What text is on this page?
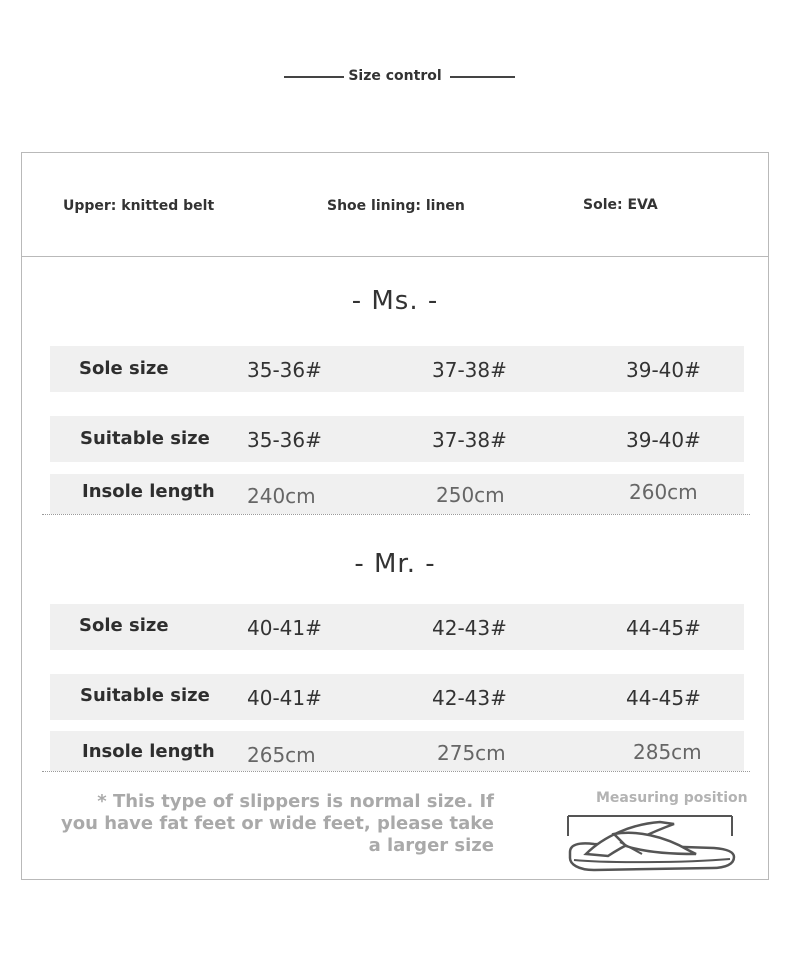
Size control
Upper: knitted belt	Shoe lining: linen	Sole: EVA
- Ms. -
Sole size	35-36#	37-38#	39-40#
Suitable size 35-36#	37-38#	39-40#
Insole length 240cm	250cm	260cm
- Mr. -
Sole size	40-41#	42-43#	44-45#
Suitable size 40-41#	42-43#	44-45#
Insole length 265cm	275cm	285cm
* This type of slippers is normal size. If you have fat feet or wide feet, please take a larger size
Measuring position
